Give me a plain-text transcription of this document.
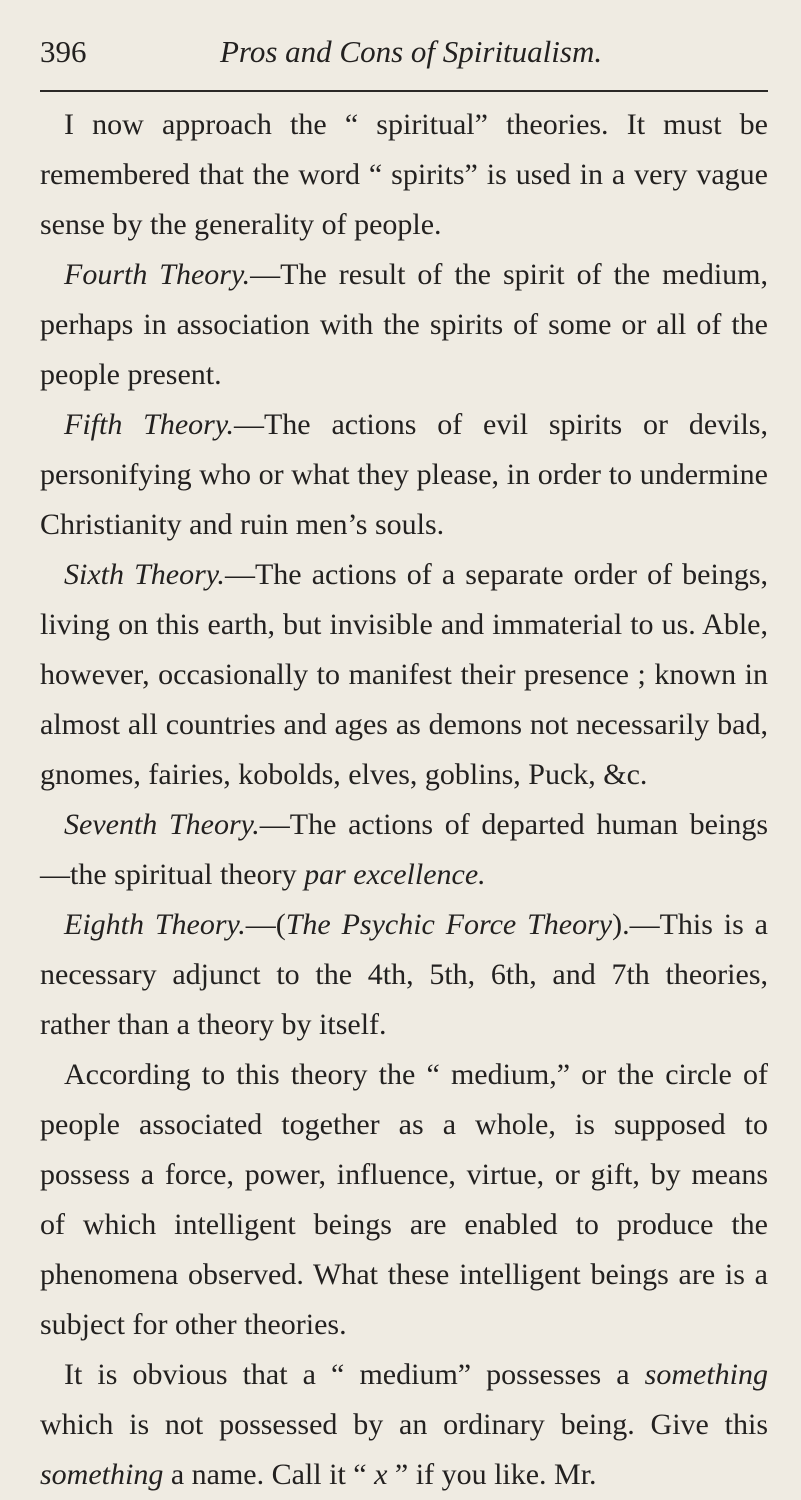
396	Pros and Cons of Spiritualism.

I now approach the “ spiritual” theories. It must be remembered that the word “ spirits” is used in a very vague sense by the generality of people.

Fourth Theory.—The result of the spirit of the medium, perhaps in association with the spirits of some or all of the people present.

Fifth Theory.—The actions of evil spirits or devils, personifying who or what they please, in order to undermine Christianity and ruin men’s souls.

Sixth Theory.—The actions of a separate order of beings, living on this earth, but invisible and immaterial to us. Able, however, occasionally to manifest their presence ; known in almost all countries and ages as demons not necessarily bad, gnomes, fairies, kobolds, elves, goblins, Puck, &c.

Seventh Theory.—The actions of departed human beings—the spiritual theory par excellence.

Eighth Theory.—(The Psychic Force Theory).—This is a necessary adjunct to the 4th, 5th, 6th, and 7th theories, rather than a theory by itself.

According to this theory the “ medium,” or the circle of people associated together as a whole, is supposed to possess a force, power, influence, virtue, or gift, by means of which intelligent beings are enabled to produce the phenomena observed. What these intelligent beings are is a subject for other theories.

It is obvious that a “ medium” possesses a something which is not possessed by an ordinary being. Give this something a name. Call it “ x ” if you like. Mr.
